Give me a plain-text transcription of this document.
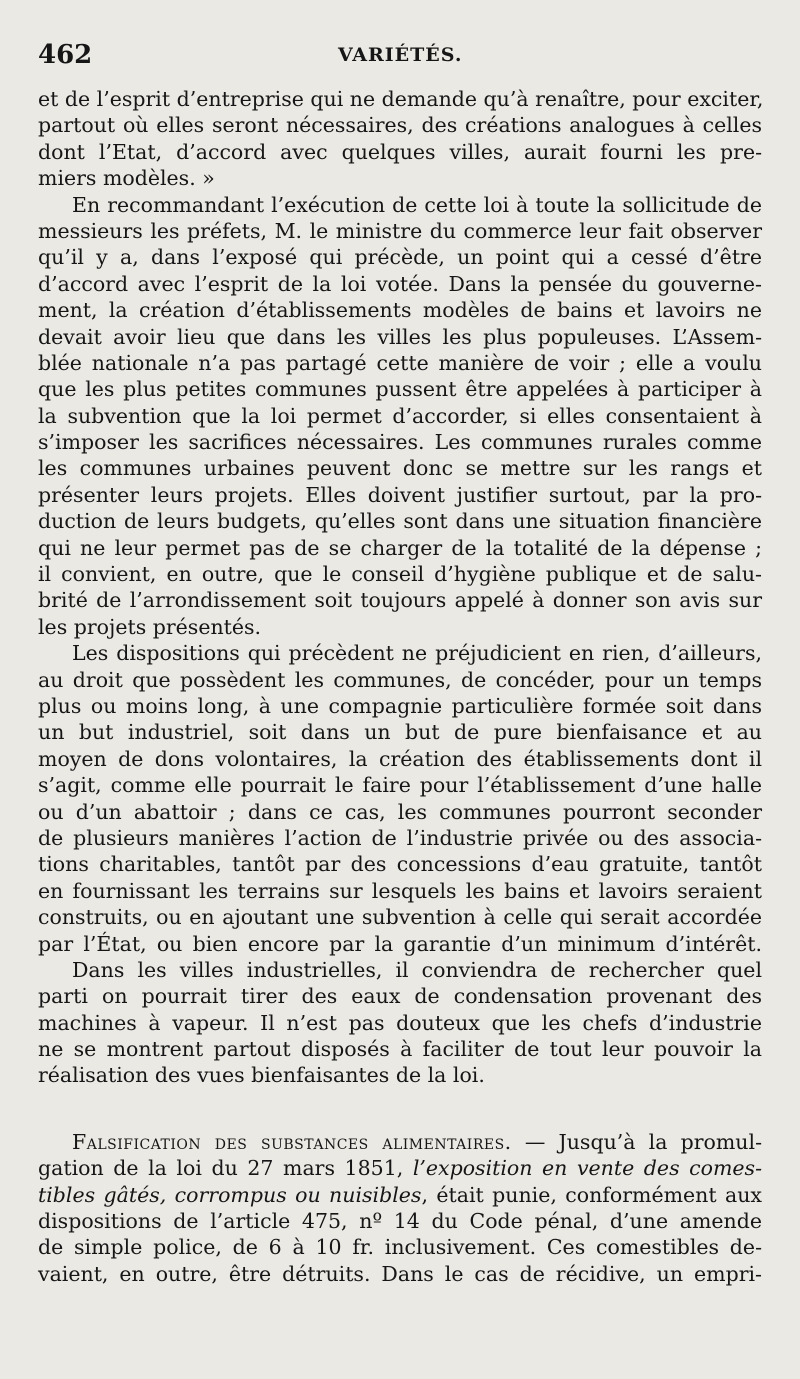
462	VARIÉTÉS.
et de l’esprit d’entreprise qui ne demande qu’à renaître, pour exciter,
partout où elles seront nécessaires, des créations analogues à celles
dont l’Etat, d’accord avec quelques villes, aurait fourni les pre-
miers modèles. »
En recommandant l’exécution de cette loi à toute la sollicitude de
messieurs les préfets, M. le ministre du commerce leur fait observer
qu’il y a, dans l’exposé qui précède, un point qui a cessé d’être
d’accord avec l’esprit de la loi votée. Dans la pensée du gouverne-
ment, la création d’établissements modèles de bains et lavoirs ne
devait avoir lieu que dans les villes les plus populeuses. L’Assem-
blée nationale n’a pas partagé cette manière de voir ; elle a voulu
que les plus petites communes pussent être appelées à participer à
la subvention que la loi permet d’accorder, si elles consentaient à
s’imposer les sacrifices nécessaires. Les communes rurales comme
les communes urbaines peuvent donc se mettre sur les rangs et
présenter leurs projets. Elles doivent justifier surtout, par la pro-
duction de leurs budgets, qu’elles sont dans une situation financière
qui ne leur permet pas de se charger de la totalité de la dépense ;
il convient, en outre, que le conseil d’hygiène publique et de salu-
brité de l’arrondissement soit toujours appelé à donner son avis sur
les projets présentés.
Les dispositions qui précèdent ne préjudicient en rien, d’ailleurs,
au droit que possèdent les communes, de concéder, pour un temps
plus ou moins long, à une compagnie particulière formée soit dans
un but industriel, soit dans un but de pure bienfaisance et au
moyen de dons volontaires, la création des établissements dont il
s’agit, comme elle pourrait le faire pour l’établissement d’une halle
ou d’un abattoir ; dans ce cas, les communes pourront seconder
de plusieurs manières l’action de l’industrie privée ou des associa-
tions charitables, tantôt par des concessions d’eau gratuite, tantôt
en fournissant les terrains sur lesquels les bains et lavoirs seraient
construits, ou en ajoutant une subvention à celle qui serait accordée
par l’État, ou bien encore par la garantie d’un minimum d’intérêt.
Dans les villes industrielles, il conviendra de rechercher quel
parti on pourrait tirer des eaux de condensation provenant des
machines à vapeur. Il n’est pas douteux que les chefs d’industrie
ne se montrent partout disposés à faciliter de tout leur pouvoir la
réalisation des vues bienfaisantes de la loi.
Falsification des substances alimentaires. — Jusqu’à la promul-
gation de la loi du 27 mars 1851, l’exposition en vente des comes-
tibles gâtés, corrompus ou nuisibles, était punie, conformément aux
dispositions de l’article 475, nº 14 du Code pénal, d’une amende
de simple police, de 6 à 10 fr. inclusivement. Ces comestibles de-
vaient, en outre, être détruits. Dans le cas de récidive, un empri-
